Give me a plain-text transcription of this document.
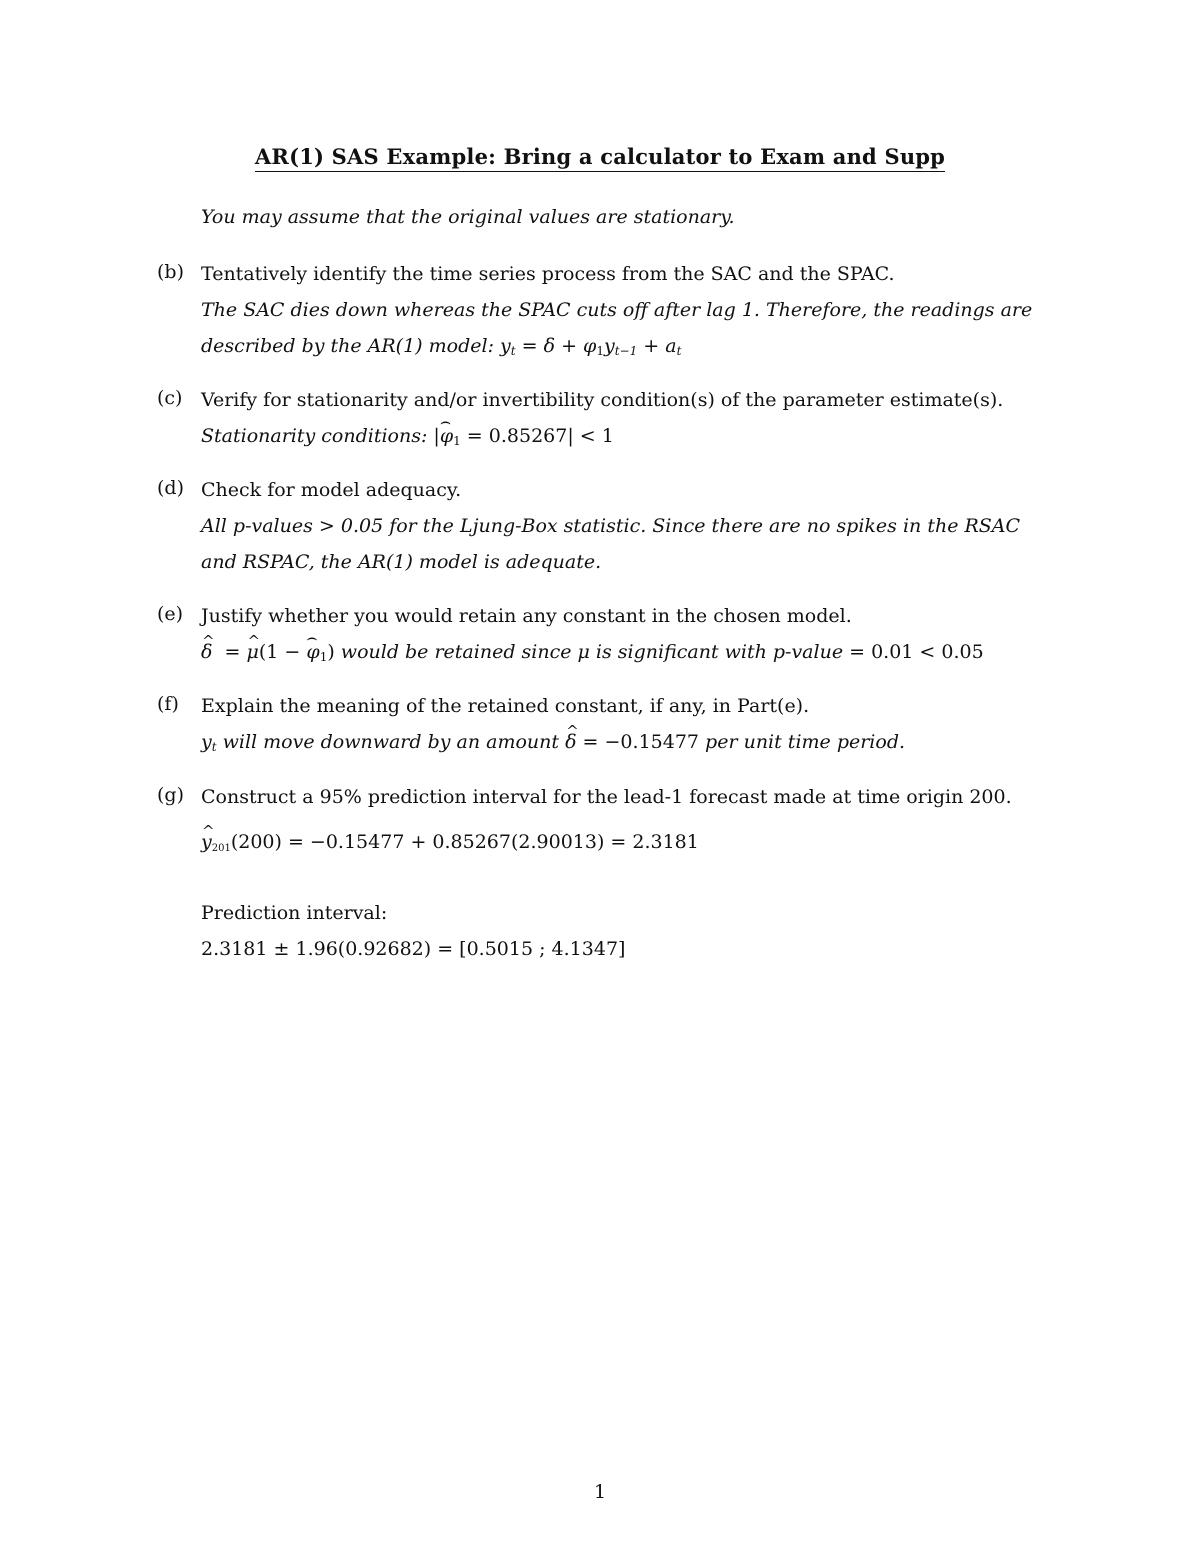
AR(1) SAS Example: Bring a calculator to Exam and Supp
You may assume that the original values are stationary.
(b) Tentatively identify the time series process from the SAC and the SPAC.
The SAC dies down whereas the SPAC cuts off after lag 1. Therefore, the readings are
described by the AR(1) model: $y_t = \delta + \varphi_1y_{t-1} + a_t$
(c) Verify for stationarity and/or invertibility condition(s) of the parameter estimate(s).
Stationarity conditions: |⌢ $\varphi_1 = 0.85267| < 1$
(d) Check for model adequacy.
All p-values > 0.05 for the Ljung-Box statistic. Since there are no spikes in the RSAC
and RSPAC, the AR(1) model is adequate.
(e) Justify whether you would retain any constant in the chosen model.
^ δ = ^ μ(1 − ⌢ $\varphi_1$) would be retained since μ is significant with p-value = 0.01 < 0.05
(f) Explain the meaning of the retained constant, if any, in Part(e).
$y_t$ will move downward by an amount ^ δ = −0.15477 per unit time period.
(g) Construct a 95% prediction interval for the lead-1 forecast made at time origin 200.
^ $y_{201}(200) = -0.15477 + 0.85267(2.90013) = 2.3181$
Prediction interval:
2.3181 ± 1.96(0.92682) = [0.5015 ; 4.1347]
1
